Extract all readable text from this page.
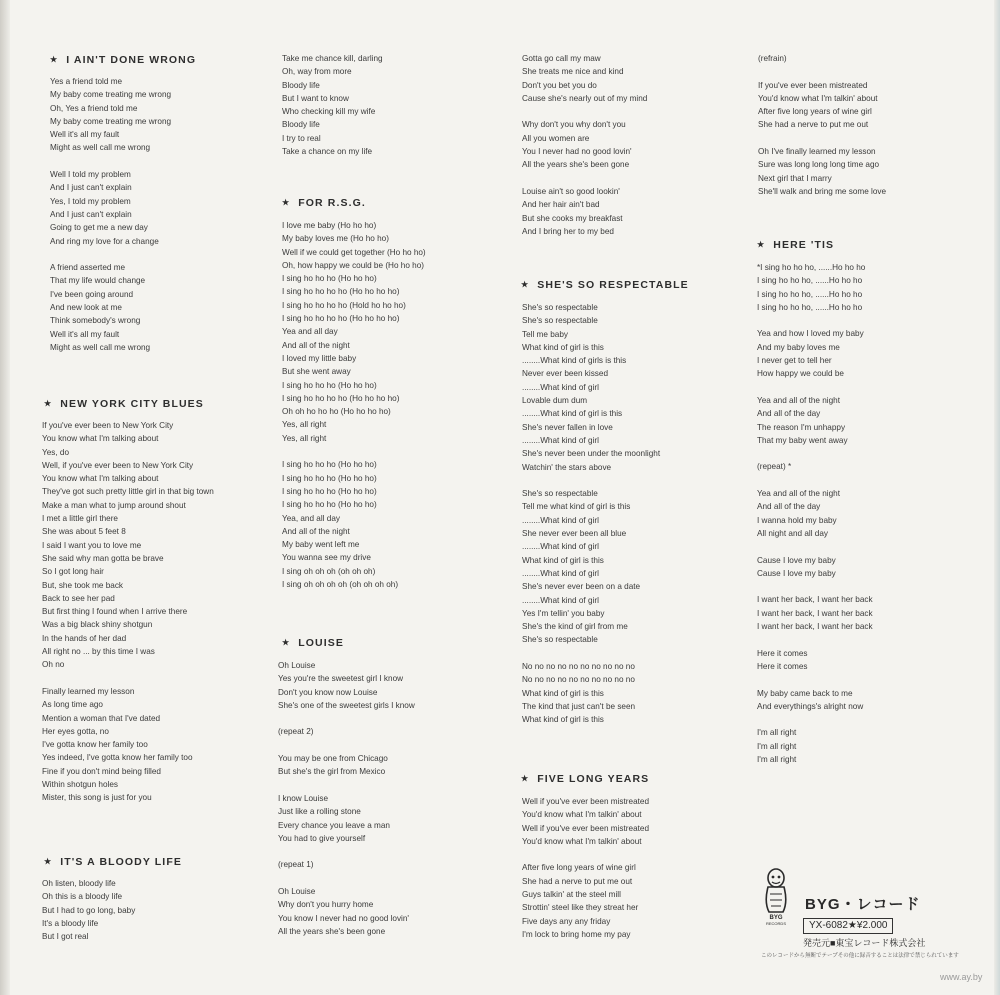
★ I AIN'T DONE WRONG
Yes a friend told me
My baby come treating me wrong
Oh, Yes a friend told me
My baby come treating me wrong
Well it's all my fault
Might as well call me wrong

Well I told my problem
And I just can't explain
Yes, I told my problem
And I just can't explain
Going to get me a new day
And ring my love for a change

A friend asserted me
That my life would change
I've been going around
And new look at me
Think somebody's wrong
Well it's all my fault
Might as well call me wrong
★ NEW YORK CITY BLUES
If you've ever been to New York City
You know what I'm talking about
Yes, do
Well, if you've ever been to New York City
You know what I'm talking about
They've got such pretty little girl in that big town
Make a man what to jump around shout
I met a little girl there
She was about 5 feet 8
I said I want you to love me
She said why man gotta be brave
So I got long hair
But, she took me back
Back to see her pad
But first thing I found when I arrive there
Was a big black shiny shotgun
In the hands of her dad
All right no ... by this time I was
Oh no

Finally learned my lesson
As long time ago
Mention a woman that I've dated
Her eyes gotta, no
I've gotta know her family too
Yes indeed, I've gotta know her family too
Fine if you don't mind being filled
Within shotgun holes
Mister, this song is just for you
★ IT'S A BLOODY LIFE
Oh listen, bloody life
Oh this is a bloody life
But I had to go long, baby
It's a bloody life
But I got real
Take me chance kill, darling
Oh, way from more
Bloody life
But I want to know
Who checking kill my wife
Bloody life
I try to real
Take a chance on my life
★ FOR R.S.G.
I love me baby (Ho ho ho)
My baby loves me (Ho ho ho)
Well if we could get together (Ho ho ho)
Oh, how happy we could be (Ho ho ho)
I sing ho ho ho (Ho ho ho)
I sing ho ho ho ho (Ho ho ho ho)
I sing ho ho ho ho (Hold ho ho ho)
I sing ho ho ho ho (Ho ho ho ho)
Yea and all day
And all of the night
I loved my little baby
But she went away
I sing ho ho ho (Ho ho ho)
I sing ho ho ho ho (Ho ho ho ho)
Oh oh ho ho ho (Ho ho ho ho)
Yes, all right
Yes, all right

I sing ho ho ho (Ho ho ho)
I sing ho ho ho (Ho ho ho)
I sing ho ho ho (Ho ho ho)
I sing ho ho ho (Ho ho ho)
Yea, and all day
And all of the night
My baby went left me
You wanna see my drive
I sing oh oh oh (oh oh oh)
I sing oh oh oh oh (oh oh oh oh)
★ LOUISE
Oh Louise
Yes you're the sweetest girl I know
Don't you know now Louise
She's one of the sweetest girls I know

(repeat 2)

You may be one from Chicago
But she's the girl from Mexico

I know Louise
Just like a rolling stone
Every chance you leave a man
You had to give yourself

(repeat 1)

Oh Louise
Why don't you hurry home
You know I never had no good lovin'
All the years she's been gone
Gotta go call my maw
She treats me nice and kind
Don't you bet you do
Cause she's nearly out of my mind

Why don't you why don't you
All you women are
You I never had no good lovin'
All the years she's been gone

Louise ain't so good lookin'
And her hair ain't bad
But she cooks my breakfast
And I bring her to my bed
★ SHE'S SO RESPECTABLE
She's so respectable
She's so respectable
Tell me baby
What kind of girl is this
........What kind of girls is this
Never ever been kissed
........What kind of girl
Lovable dum dum
........What kind of girl is this
She's never fallen in love
........What kind of girl
She's never been under the moonlight
Watchin' the stars above

She's so respectable
Tell me what kind of girl is this
........What kind of girl
She never ever been all blue
........What kind of girl
What kind of girl is this
........What kind of girl
She's never ever been on a date
........What kind of girl
Yes I'm tellin' you baby
She's the kind of girl from me
She's so respectable

No no no no no no no no no no
No no no no no no no no no no
What kind of girl is this
The kind that just can't be seen
What kind of girl is this
★ FIVE LONG YEARS
Well if you've ever been mistreated
You'd know what I'm talkin' about
Well if you've ever been mistreated
You'd know what I'm talkin' about

After five long years of wine girl
She had a nerve to put me out
Guys talkin' at the steel mill
Strottin' steel like they streat her
Five days any any friday
I'm lock to bring home my pay
(refrain)

If you've ever been mistreated
You'd know what I'm talkin' about
After five long years of wine girl
She had a nerve to put me out

Oh I've finally learned my lesson
Sure was long long long time ago
Next girl that I marry
She'll walk and bring me some love
★ HERE 'TIS
*I sing ho ho ho, ......Ho ho ho
I sing ho ho ho, ......Ho ho ho
I sing ho ho ho, ......Ho ho ho
I sing ho ho ho, ......Ho ho ho

Yea and how I loved my baby
And my baby loves me
I never get to tell her
How happy we could be

Yea and all of the night
And all of the day
The reason I'm unhappy
That my baby went away

(repeat) *

Yea and all of the night
And all of the day
I wanna hold my baby
All night and all day

Cause I love my baby
Cause I love my baby

I want her back, I want her back
I want her back, I want her back
I want her back, I want her back

Here it comes
Here it comes

My baby came back to me
And everythings's alright now

I'm all right
I'm all right
I'm all right
BYG
RECORDS
BYG・レコード
YX-6082★¥2.000
発売元■東宝レコード株式会社
このレコードから無断でテープその他に録音することは法律で禁じられています
www.ay.by
